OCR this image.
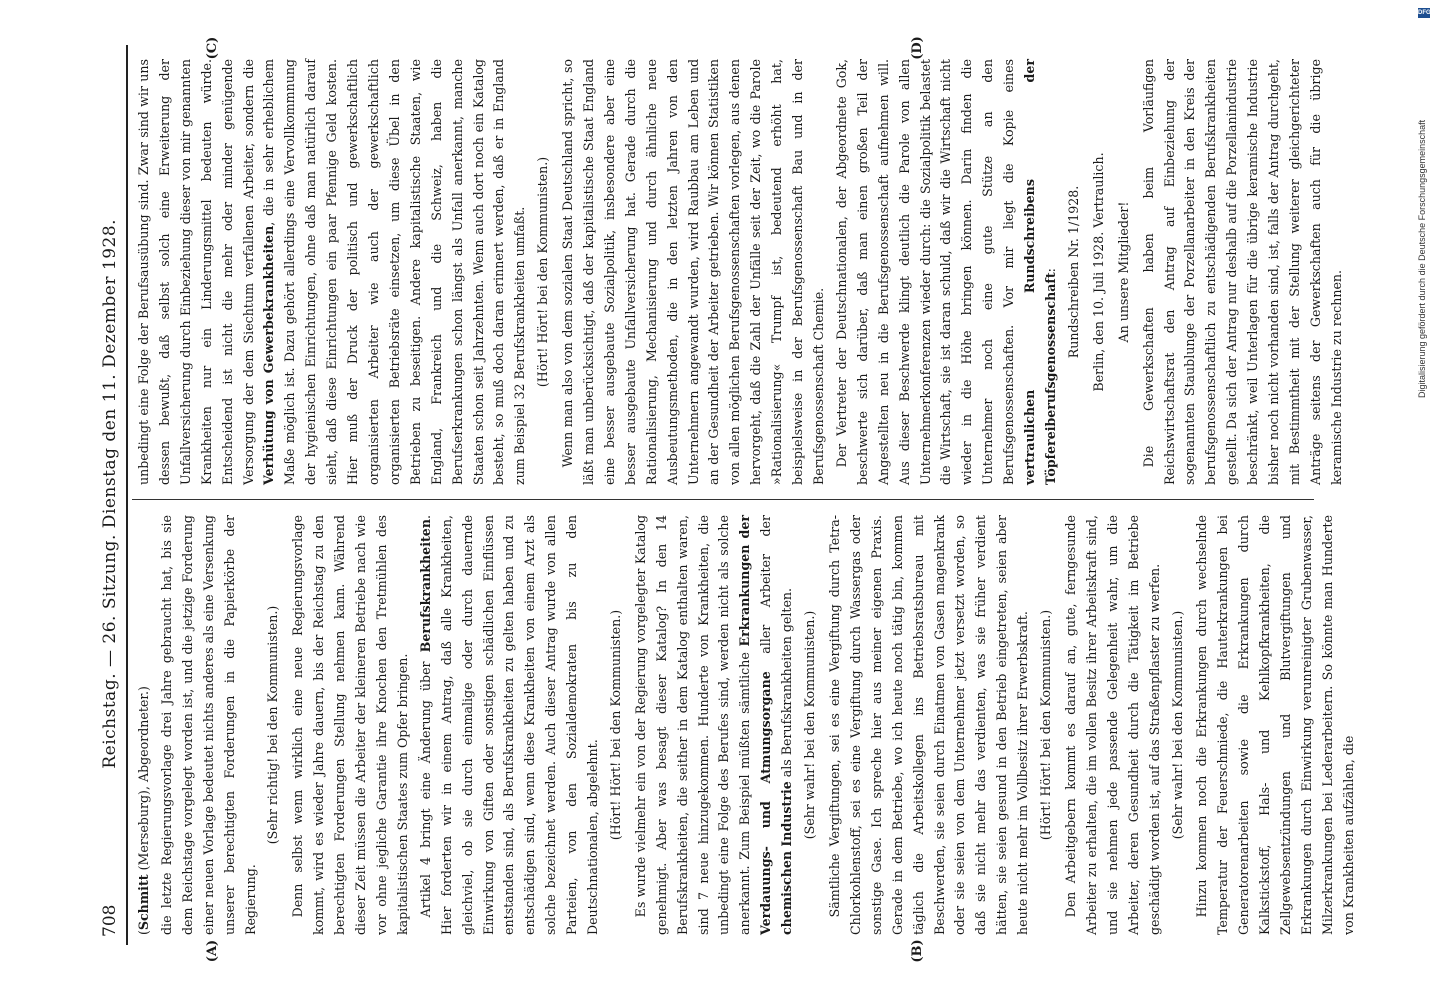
708
Reichstag. — 26. Sitzung. Dienstag den 11. Dezember 1928.
(A)	(B)
(C)	(D)

(Schmitt (Merseburg), Abgeordneter.) die letzte Regierungsvorlage drei Jahre gebraucht hat, bis sie dem Reichstage vorgelegt worden ist, und die jetzige Forderung einer neuen Vorlage bedeutet nichts anderes als eine Versenkung unserer berechtigten Forderungen in die Papierkörbe der Regierung.

(Sehr richtig! bei den Kommunisten.) Denn selbst wenn wirklich eine neue Regierungsvorlage kommt, wird es wieder Jahre dauern, bis der Reichstag zu den berechtigten Forderungen Stellung nehmen kann. Während dieser Zeit müssen die Arbeiter der kleineren Betriebe nach wie vor ohne jegliche Garantie ihre Knochen den Tretmühlen des kapitalistischen Staates zum Opfer bringen. Artikel 4 bringt eine Änderung über Berufskrankheiten. Hier forderten wir in einem Antrag, daß alle Krankheiten, gleichviel, ob sie durch einmalige oder durch dauernde Einwirkung von Giften oder sonstigen schädlichen Einflüssen entstanden sind, als Berufskrankheiten zu gelten haben und zu entschädigen sind, wenn diese Krankheiten von einem Arzt als solche bezeichnet werden. Auch dieser Antrag wurde von allen Parteien, von den Sozialdemokraten bis zu den Deutschnationalen, abgelehnt. (Hört! Hört! bei den Kommunisten.) Es wurde vielmehr ein von der Regierung vorgelegter Katalog genehmigt. Aber was besagt dieser Katalog? In den 14 Berufskrankheiten, die seither in dem Katalog enthalten waren, sind 7 neue hinzugekommen. Hunderte von Krankheiten, die unbedingt eine Folge des Berufes sind, werden nicht als solche anerkannt. Zum Beispiel müßten sämtliche Erkrankungen der Verdauungs- und Atmungsorgane aller Arbeiter der chemischen Industrie als Berufskrankheiten gelten. (Sehr wahr! bei den Kommunisten.) Sämtliche Vergiftungen, sei es eine Vergiftung durch Tetra-Chlorkohlenstoff, sei es eine Vergiftung durch Wassergas oder sonstige Gase. Ich spreche hier aus meiner eigenen Praxis. Gerade in dem Betriebe, wo ich heute noch tätig bin, kommen täglich die Arbeitskollegen ins Betriebsratsbureau mit Beschwerden, sie seien durch Einatmen von Gasen magenkrank oder sie seien von dem Unternehmer jetzt versetzt worden, so daß sie nicht mehr das verdienten, was sie früher verdient hätten, sie seien gesund in den Betrieb eingetreten, seien aber heute nicht mehr im Vollbesitz ihrer Erwerbskraft. (Hört! Hört! bei den Kommunisten.) Den Arbeitgebern kommt es darauf an, gute, ferngesunde Arbeiter zu erhalten, die im vollen Besitz ihrer Arbeitskraft sind, und sie nehmen jede passende Gelegenheit wahr, um die Arbeiter, deren Gesundheit durch die Tätigkeit im Betriebe geschädigt worden ist, auf das Straßenpflaster zu werfen. (Sehr wahr! bei den Kommunisten.) Hinzu kommen noch die Erkrankungen durch wechselnde Temperatur der Feuerschmiede, die Hauterkrankungen bei Generatorenarbeiten sowie die Erkrankungen durch Kalkstickstoff, Hals- und Kehlkopfkrankheiten, die Zellgewebsentzündungen und Blutvergiftungen und Erkrankungen durch Einwirkung verunreinigter Grubenwasser, Milzerkrankungen bei Lederarbeitern. So könnte man Hunderte von Krankheiten aufzählen, die

unbedingt eine Folge der Berufsausübung sind. Zwar sind wir uns dessen bewußt, daß selbst solch eine Erweiterung der Unfallversicherung durch Einbeziehung dieser von mir genannten Krankheiten nur ein Linderungsmittel bedeuten würde. Entscheidend ist nicht die mehr oder minder genügende Versorgung der dem Siechtum verfallenen Arbeiter, sondern die Verhütung von Gewerbekrankheiten, die in sehr erheblichem Maße möglich ist. Dazu gehört allerdings eine Vervollkommnung der hygienischen Einrichtungen, ohne daß man natürlich darauf sieht, daß diese Einrichtungen ein paar Pfennige Geld kosten. Hier muß der Druck der politisch und gewerkschaftlich organisierten Arbeiter wie auch der gewerkschaftlich organisierten Betriebsräte einsetzen, um diese Übel in den Betrieben zu beseitigen. Andere kapitalistische Staaten, wie England, Frankreich und die Schweiz, haben die Berufserkrankungen schon längst als Unfall anerkannt, manche Staaten schon seit Jahrzehnten. Wenn auch dort noch ein Katalog besteht, so muß doch daran erinnert werden, daß er in England zum Beispiel 32 Berufskrankheiten umfaßt. (Hört! Hört! bei den Kommunisten.) Wenn man also von dem sozialen Staat Deutschland spricht, so läßt man unberücksichtigt, daß der kapitalistische Staat England eine besser ausgebaute Sozialpolitik, insbesondere aber eine besser ausgebaute Unfallversicherung hat. Gerade durch die Rationalisierung, Mechanisierung und durch ähnliche neue Ausbeutungsmethoden, die in den letzten Jahren von den Unternehmern angewandt wurden, wird Raubbau am Leben und an der Gesundheit der Arbeiter getrieben. Wir können Statistiken von allen möglichen Berufsgenossenschaften vorlegen, aus denen hervorgeht, daß die Zahl der Unfälle seit der Zeit, wo die Parole »Rationalisierung« Trumpf ist, bedeutend erhöht hat, beispielsweise in der Berufsgenossenschaft Bau und in der Berufsgenossenschaft Chemie. Der Vertreter der Deutschnationalen, der Abgeordnete Gok, beschwerte sich darüber, daß man einen großen Teil der Angestellten neu in die Berufsgenossenschaft aufnehmen will. Aus dieser Beschwerde klingt deutlich die Parole von allen Unternehmerkonferenzen wieder durch: die Sozialpolitik belastet die Wirtschaft, sie ist daran schuld, daß wir die Wirtschaft nicht wieder in die Höhe bringen können. Darin finden die Unternehmer noch eine gute Stütze an den Berufsgenossenschaften. Vor mir liegt die Kopie eines vertraulichen Rundschreibens der Töpfereiberufsgenossenschaft: Rundschreiben Nr. 1/1928. Berlin, den 10. Juli 1928. Vertraulich. An unsere Mitglieder! Die Gewerkschaften haben beim Vorläufigen Reichswirtschaftsrat den Antrag auf Einbeziehung der sogenannten Staublunge der Porzellanarbeiter in den Kreis der berufsgenossenschaftlich zu entschädigenden Berufskrankheiten gestellt. Da sich der Antrag nur deshalb auf die Porzellanindustrie beschränkt, weil Unterlagen für die übrige keramische Industrie bisher noch nicht vorhanden sind, ist, falls der Antrag durchgeht, mit Bestimmtheit mit der Stellung weiterer gleichgerichteter Anträge seitens der Gewerkschaften auch für die übrige keramische Industrie zu rechnen.

DFG
Digitalisierung gefördert durch die Deutsche Forschungsgemeinschaft
